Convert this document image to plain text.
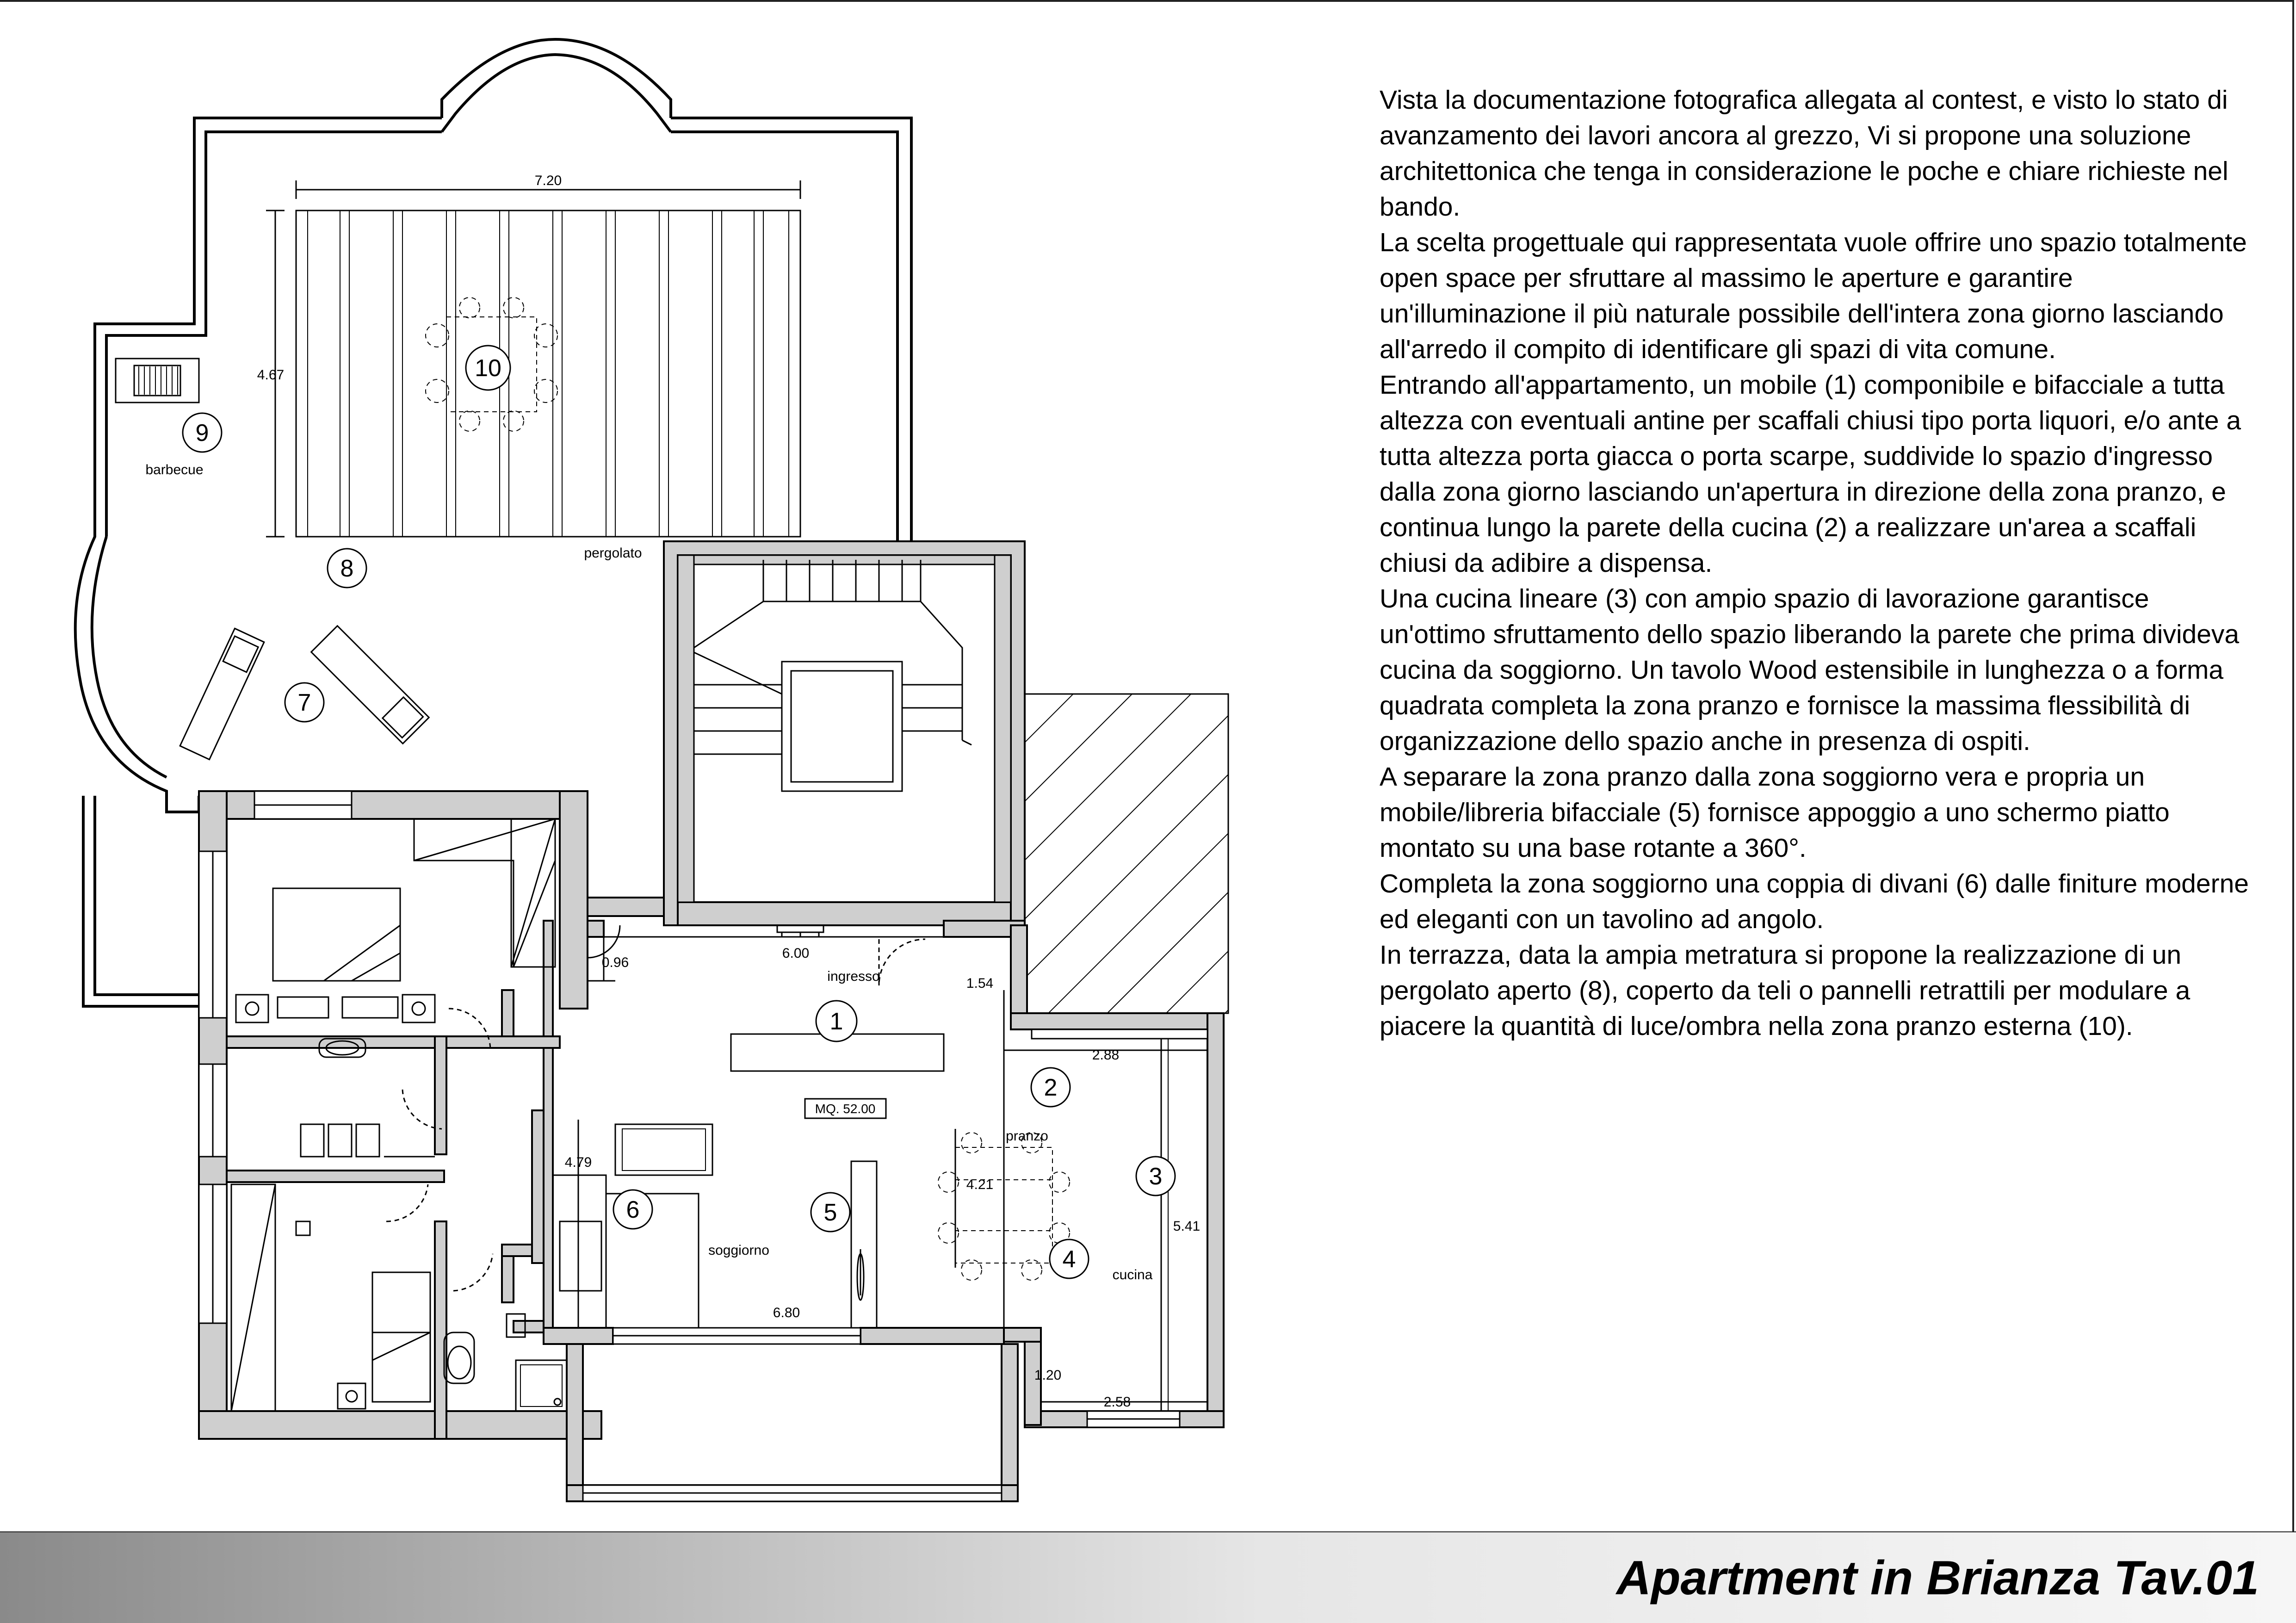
10
9
8
7
1
2
3
4
5
6
barbecue
pergolato
ingresso
pranzo
soggiorno
cucina
MQ. 52.00
7.20
4.67
0.96
6.00
1.54
2.88
4.79
4.21
5.41
6.80
1.20
2.58

Vista la documentazione fotografica allegata al contest, e visto lo stato di avanzamento dei lavori ancora al grezzo, Vi si propone una soluzione architettonica che tenga in considerazione le poche e chiare richieste nel bando.

La scelta progettuale qui rappresentata vuole offrire uno spazio totalmente open space per sfruttare al massimo le aperture e garantire un'illuminazione il più naturale possibile dell'intera zona giorno lasciando all'arredo il compito di identificare gli spazi di vita comune.

Entrando all'appartamento, un mobile (1) componibile e bifacciale a tutta altezza con eventuali antine per scaffali chiusi tipo porta liquori, e/o ante a tutta altezza porta giacca o porta scarpe, suddivide lo spazio d'ingresso dalla zona giorno lasciando un'apertura in direzione della zona pranzo, e continua lungo la parete della cucina (2) a realizzare un'area a scaffali chiusi da adibire a dispensa.

Una cucina lineare (3) con ampio spazio di lavorazione garantisce un'ottimo sfruttamento dello spazio liberando la parete che prima divideva cucina da soggiorno. Un tavolo Wood estensibile in lunghezza o a forma quadrata completa la zona pranzo e fornisce la massima flessibilità di organizzazione dello spazio anche in presenza di ospiti.

A separare la zona pranzo dalla zona soggiorno vera e propria un mobile/libreria bifacciale (5) fornisce appoggio a uno schermo piatto montato su una base rotante a 360°.

Completa la zona soggiorno una coppia di divani (6) dalle finiture moderne ed eleganti con un tavolino ad angolo.

In terrazza, data la ampia metratura si propone la realizzazione di un pergolato aperto (8), coperto da teli o pannelli retrattili per modulare a piacere la quantità di luce/ombra nella zona pranzo esterna (10).

Apartment in Brianza Tav.01
